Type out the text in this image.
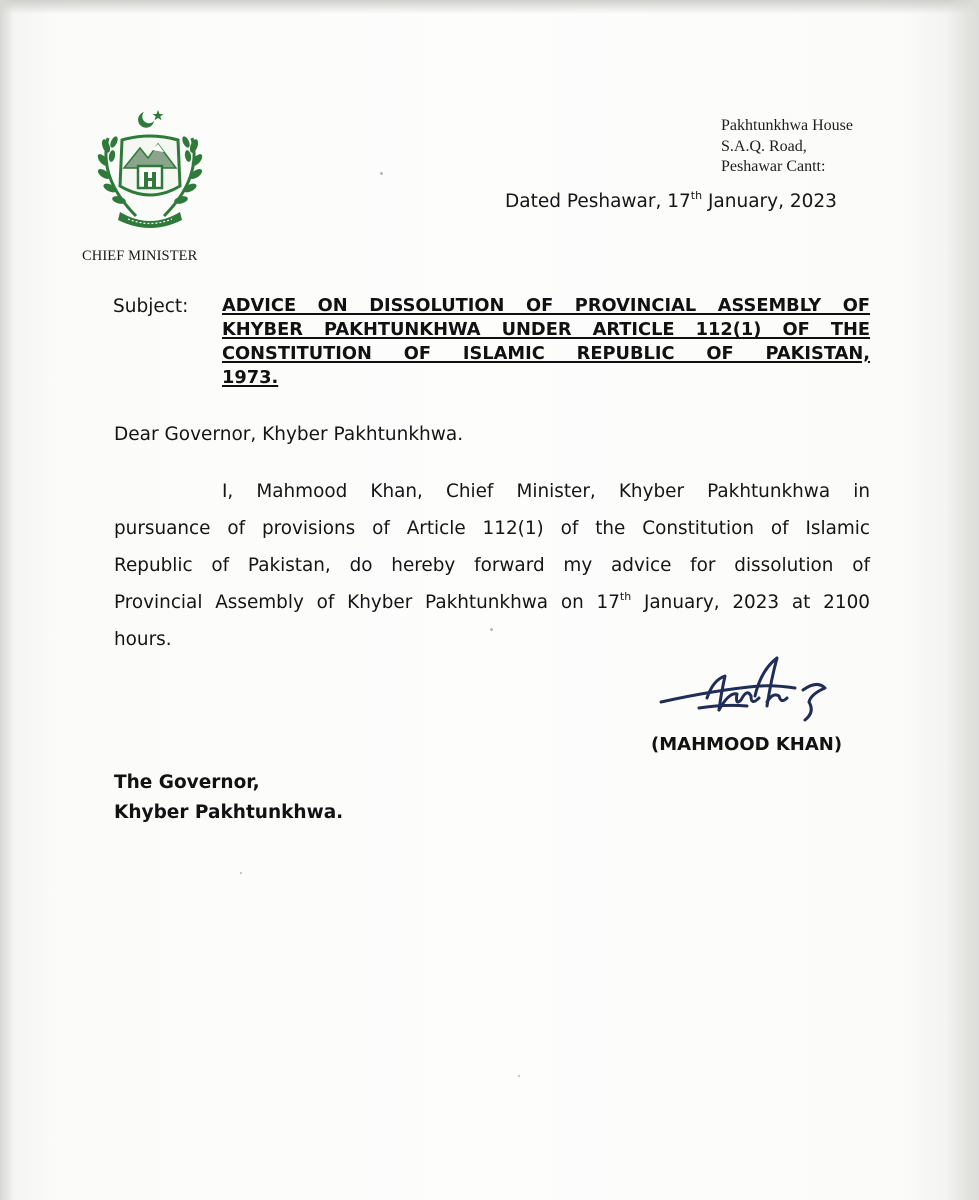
CHIEF MINISTER
Pakhtunkhwa House
S.A.Q. Road,
Peshawar Cantt:
Dated Peshawar, 17th January, 2023
Subject: ADVICE ON DISSOLUTION OF PROVINCIAL ASSEMBLY OF
KHYBER PAKHTUNKHWA UNDER ARTICLE 112(1) OF THE
CONSTITUTION OF ISLAMIC REPUBLIC OF PAKISTAN,
1973.
Dear Governor, Khyber Pakhtunkhwa.
I, Mahmood Khan, Chief Minister, Khyber Pakhtunkhwa in
pursuance of provisions of Article 112(1) of the Constitution of Islamic
Republic of Pakistan, do hereby forward my advice for dissolution of
Provincial Assembly of Khyber Pakhtunkhwa on 17th January, 2023 at 2100
hours.
(MAHMOOD KHAN)
The Governor,
Khyber Pakhtunkhwa.
